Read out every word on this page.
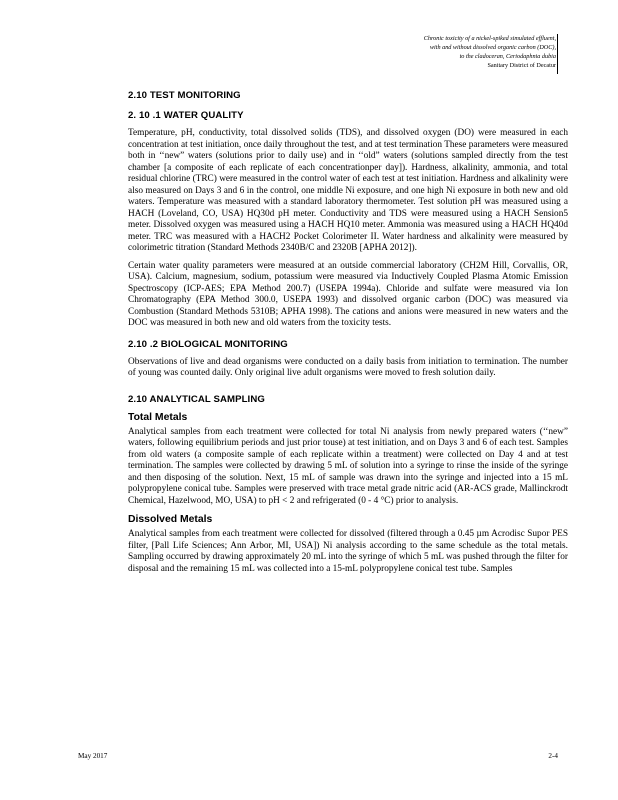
Chronic toxicity of a nickel-spiked simulated effluent,
with and without dissolved organic carbon (DOC),
to the cladoceran, Ceriodaphnia dubia
Sanitary District of Decatur
2.10 TEST MONITORING
2. 10 .1 WATER QUALITY

Temperature, pH, conductivity, total dissolved solids (TDS), and dissolved oxygen (DO) were measured in each concentration at test initiation, once daily throughout the test, and at test termination These parameters were measured both in ‘‘new” waters (solutions prior to daily use) and in ‘‘old” waters (solutions sampled directly from the test chamber [a composite of each replicate of each concentrationper day]). Hardness, alkalinity, ammonia, and total residual chlorine (TRC) were measured in the control water of each test at test initiation. Hardness and alkalinity were also measured on Days 3 and 6 in the control, one middle Ni exposure, and one high Ni exposure in both new and old waters. Temperature was measured with a standard laboratory thermometer. Test solution pH was measured using a HACH (Loveland, CO, USA) HQ30d pH meter. Conductivity and TDS were measured using a HACH Sension5 meter. Dissolved oxygen was measured using a HACH HQ10 meter. Ammonia was measured using a HACH HQ40d meter. TRC was measured with a HACH2 Pocket Colorimeter II. Water hardness and alkalinity were measured by colorimetric titration (Standard Methods 2340B/C and 2320B [APHA 2012]).

Certain water quality parameters were measured at an outside commercial laboratory (CH2M Hill, Corvallis, OR, USA). Calcium, magnesium, sodium, potassium were measured via Inductively Coupled Plasma Atomic Emission Spectroscopy (ICP-AES; EPA Method 200.7) (USEPA 1994a). Chloride and sulfate were measured via Ion Chromatography (EPA Method 300.0, USEPA 1993) and dissolved organic carbon (DOC) was measured via Combustion (Standard Methods 5310B; APHA 1998). The cations and anions were measured in new waters and the DOC was measured in both new and old waters from the toxicity tests.

2.10 .2 BIOLOGICAL MONITORING

Observations of live and dead organisms were conducted on a daily basis from initiation to termination. The number of young was counted daily. Only original live adult organisms were moved to fresh solution daily.

2.10 ANALYTICAL SAMPLING
Total Metals

Analytical samples from each treatment were collected for total Ni analysis from newly prepared waters (‘‘new” waters, following equilibrium periods and just prior touse) at test initiation, and on Days 3 and 6 of each test. Samples from old waters (a composite sample of each replicate within a treatment) were collected on Day 4 and at test termination. The samples were collected by drawing 5 mL of solution into a syringe to rinse the inside of the syringe and then disposing of the solution. Next, 15 mL of sample was drawn into the syringe and injected into a 15 mL polypropylene conical tube. Samples were preserved with trace metal grade nitric acid (AR-ACS grade, Mallinckrodt Chemical, Hazelwood, MO, USA) to pH < 2 and refrigerated (0 - 4 °C) prior to analysis.

Dissolved Metals

Analytical samples from each treatment were collected for dissolved (filtered through a 0.45 µm Acrodisc Supor PES filter, [Pall Life Sciences; Ann Arbor, MI, USA]) Ni analysis according to the same schedule as the total metals. Sampling occurred by drawing approximately 20 mL into the syringe of which 5 mL was pushed through the filter for disposal and the remaining 15 mL was collected into a 15-mL polypropylene conical test tube. Samples

May 2017	2-4
